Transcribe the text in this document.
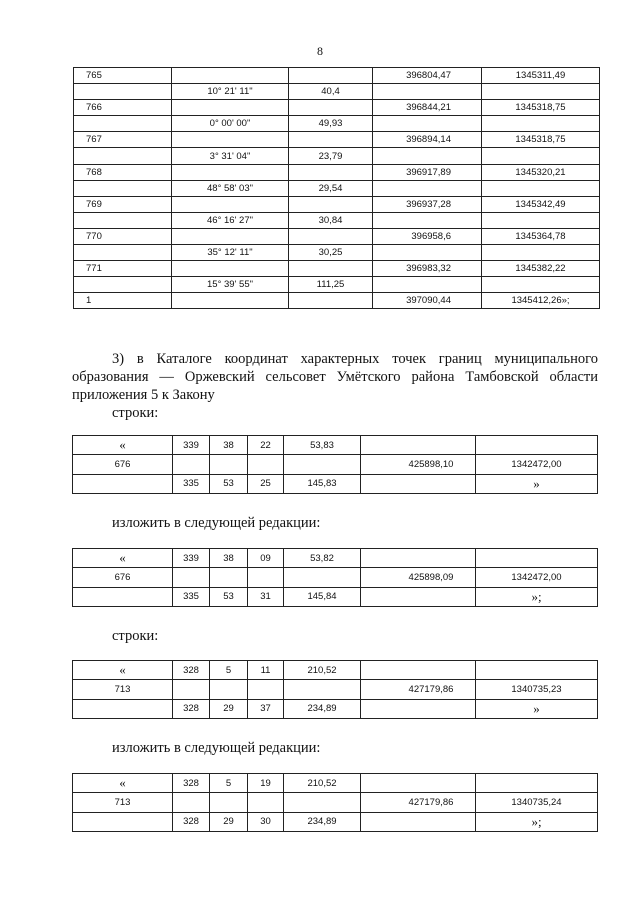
8
765			396804,47	1345311,49
	10° 21' 11"	40,4		
766			396844,21	1345318,75
	0° 00' 00"	49,93		
767			396894,14	1345318,75
	3° 31' 04"	23,79		
768			396917,89	1345320,21
	48° 58' 03"	29,54		
769			396937,28	1345342,49
	46° 16' 27"	30,84		
770			396958,6	1345364,78
	35° 12' 11"	30,25		
771			396983,32	1345382,22
	15° 39' 55"	111,25		
1			397090,44	1345412,26»;
3) в Каталоге координат характерных точек границ муниципального
образования — Оржевский сельсовет Умётского района Тамбовской области
приложения 5 к Закону
строки:
«	339	38	22	53,83		
676					425898,10	1342472,00
	335	53	25	145,83		»
изложить в следующей редакции:
«	339	38	09	53,82		
676					425898,09	1342472,00
	335	53	31	145,84		»;
строки:
«	328	5	11	210,52		
713					427179,86	1340735,23
	328	29	37	234,89		»
изложить в следующей редакции:
«	328	5	19	210,52		
713					427179,86	1340735,24
	328	29	30	234,89		»;
